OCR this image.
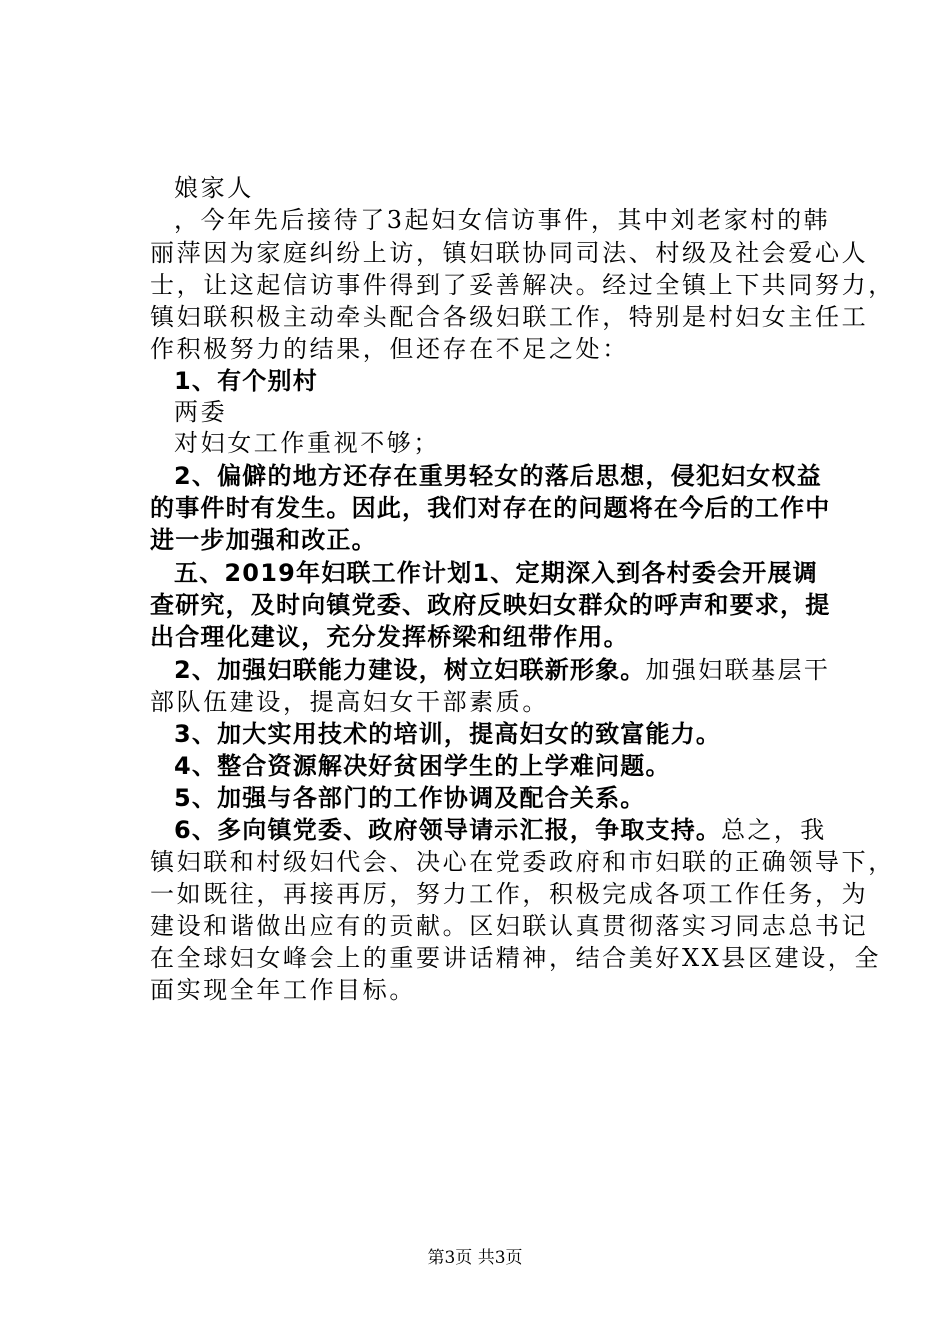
娘家人
，今年先后接待了3起妇女信访事件，其中刘老家村的韩
丽萍因为家庭纠纷上访，镇妇联协同司法、村级及社会爱心人
士，让这起信访事件得到了妥善解决。经过全镇上下共同努力，
镇妇联积极主动牵头配合各级妇联工作，特别是村妇女主任工
作积极努力的结果，但还存在不足之处：
1、有个别村
两委
对妇女工作重视不够；
2、偏僻的地方还存在重男轻女的落后思想，侵犯妇女权益
的事件时有发生。因此，我们对存在的问题将在今后的工作中
进一步加强和改正。
五、2019年妇联工作计划1、定期深入到各村委会开展调
查研究，及时向镇党委、政府反映妇女群众的呼声和要求，提
出合理化建议，充分发挥桥梁和纽带作用。
2、加强妇联能力建设，树立妇联新形象。加强妇联基层干
部队伍建设，提高妇女干部素质。
3、加大实用技术的培训，提高妇女的致富能力。
4、整合资源解决好贫困学生的上学难问题。
5、加强与各部门的工作协调及配合关系。
6、多向镇党委、政府领导请示汇报，争取支持。总之，我
镇妇联和村级妇代会、决心在党委政府和市妇联的正确领导下，
一如既往，再接再厉，努力工作，积极完成各项工作任务，为
建设和谐做出应有的贡献。区妇联认真贯彻落实习同志总书记
在全球妇女峰会上的重要讲话精神，结合美好XX县区建设，全
面实现全年工作目标。
第3页 共3页
